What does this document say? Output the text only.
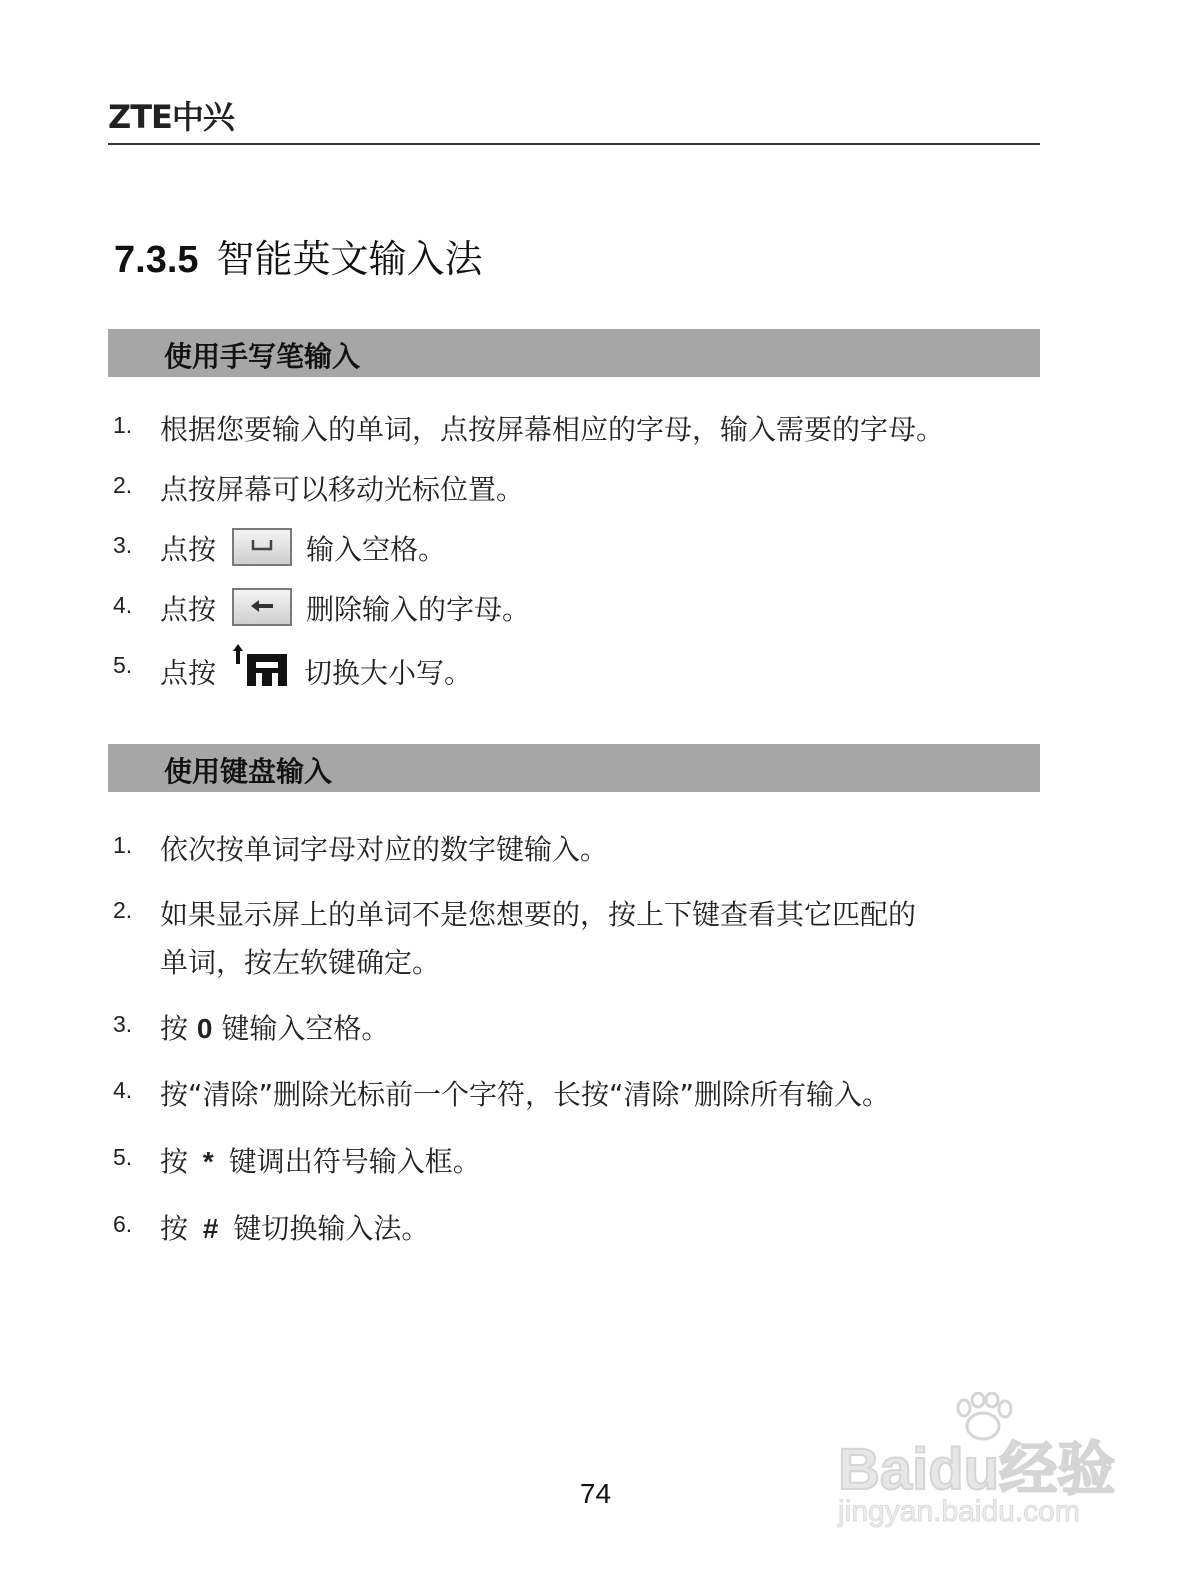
ZTE中兴
7.3.5 智能英文输入法
使用手写笔输入
1. 根据您要输入的单词，点按屏幕相应的字母，输入需要的字母。
2. 点按屏幕可以移动光标位置。
3. 点按	输入空格。
4. 点按	删除输入的字母。
5. 点按	切换大小写。
使用键盘输入
1. 依次按单词字母对应的数字键输入。
2. 如果显示屏上的单词不是您想要的，按上下键查看其它匹配的
单词，按左软键确定。
3. 按 0 键输入空格。
4. 按“清除”删除光标前一个字符，长按“清除”删除所有输入。
5. 按 * 键调出符号输入框。
6. 按 # 键切换输入法。
74	Baidu经验
jingyan.baidu.com
